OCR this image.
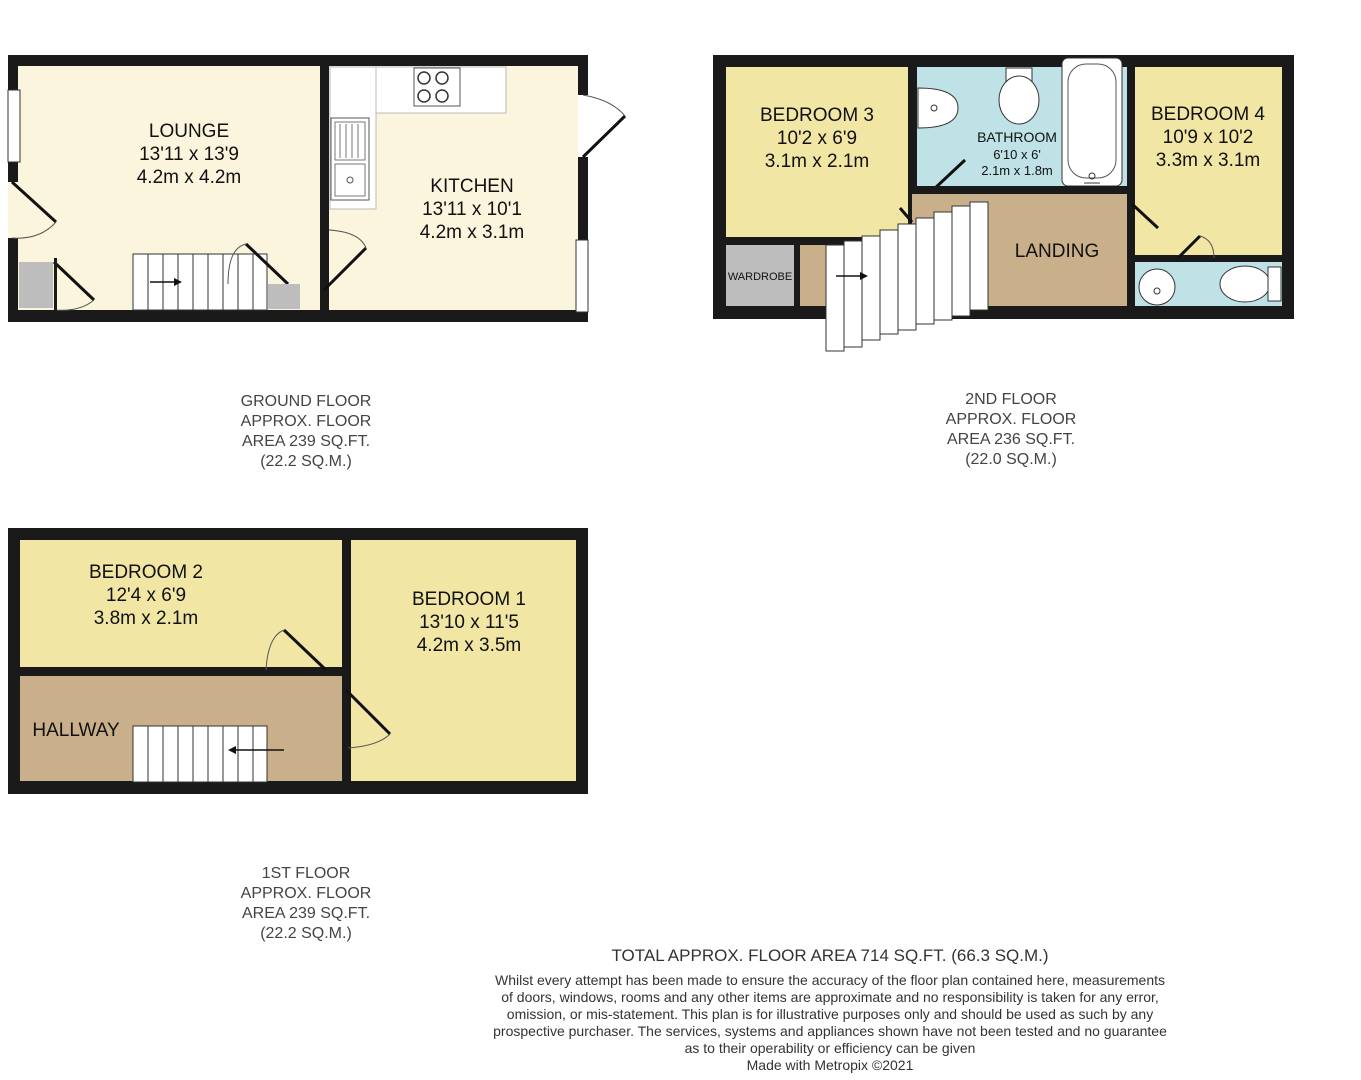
LOUNGE
13'11 x 13'9
4.2m x 4.2m	KITCHEN
13'11 x 10'1
4.2m x 3.1m
BEDROOM 3
10'2 x 6'9
3.1m x 2.1m
BATHROOM
6'10 x 6'
2.1m x 1.8m
BEDROOM 4
10'9 x 10'2
3.3m x 3.1m
LANDING
WARDROBE
BEDROOM 2
12'4 x 6'9
3.8m x 2.1m
BEDROOM 1
13'10 x 11'5
4.2m x 3.5m
HALLWAY
GROUND FLOOR
APPROX. FLOOR
AREA 239 SQ.FT.
(22.2 SQ.M.)
2ND FLOOR
APPROX. FLOOR
AREA 236 SQ.FT.
(22.0 SQ.M.)
1ST FLOOR
APPROX. FLOOR
AREA 239 SQ.FT.
(22.2 SQ.M.)
TOTAL APPROX. FLOOR AREA 714 SQ.FT. (66.3 SQ.M.)
Whilst every attempt has been made to ensure the accuracy of the floor plan contained here, measurements
of doors, windows, rooms and any other items are approximate and no responsibility is taken for any error,
omission, or mis-statement. This plan is for illustrative purposes only and should be used as such by any
prospective purchaser. The services, systems and appliances shown have not been tested and no guarantee
as to their operability or efficiency can be given
Made with Metropix ©2021
